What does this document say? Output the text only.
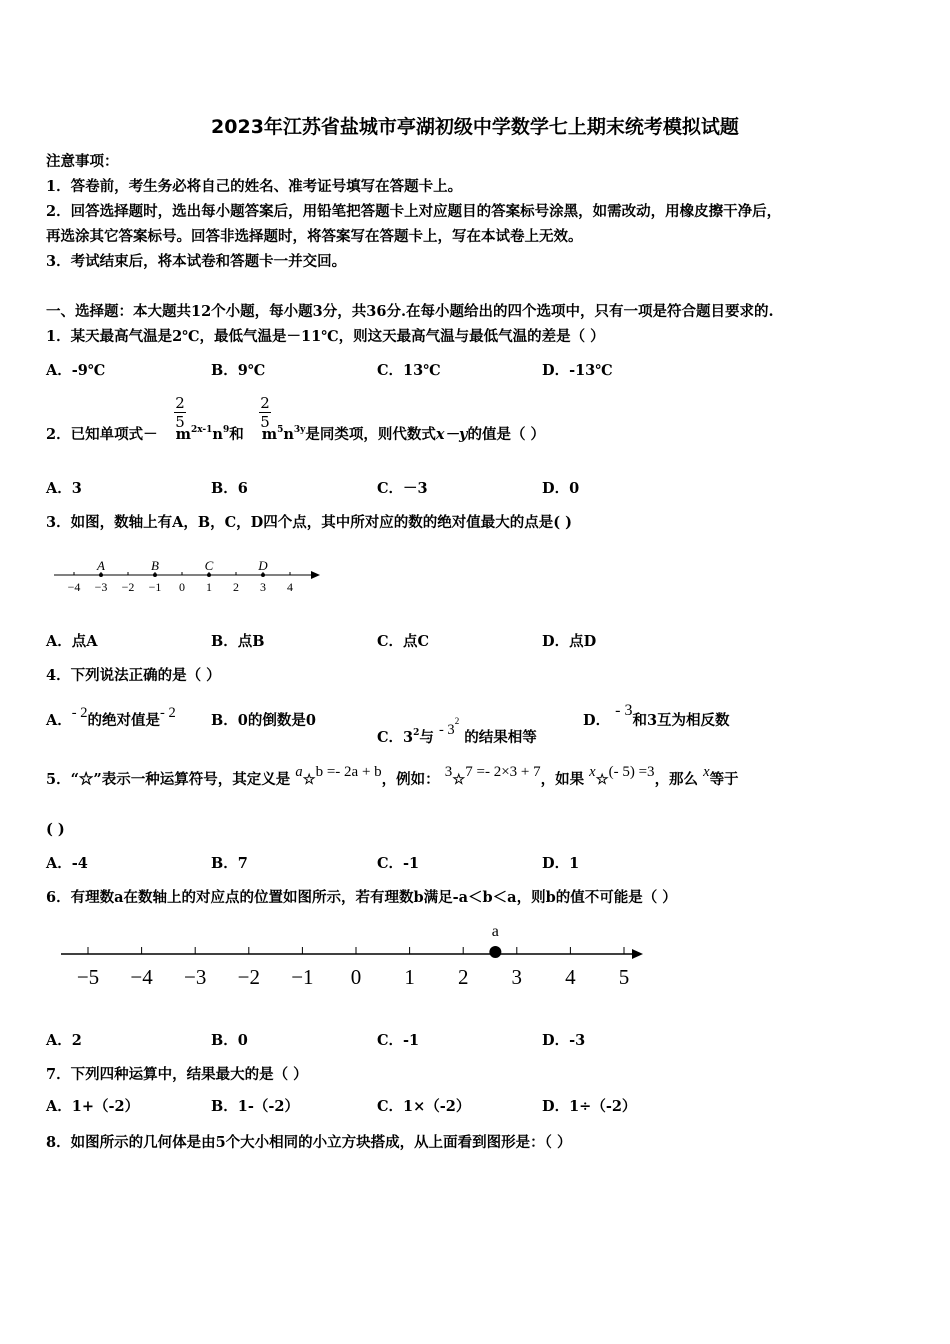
2023年江苏省盐城市亭湖初级中学数学七上期末统考模拟试题
注意事项：
1．答卷前，考生务必将自己的姓名、准考证号填写在答题卡上。
2．回答选择题时，选出每小题答案后，用铅笔把答题卡上对应题目的答案标号涂黑，如需改动，用橡皮擦干净后，
再选涂其它答案标号。回答非选择题时，将答案写在答题卡上，写在本试卷上无效。
3．考试结束后，将本试卷和答题卡一并交回。
一、选择题：本大题共12个小题，每小题3分，共36分.在每小题给出的四个选项中，只有一项是符合题目要求的.
1．某天最高气温是2℃，最低气温是－11℃，则这天最高气温与最低气温的差是（ ）
A．-9℃	B．9℃	C．13℃	D．-13℃
2．已知单项式－ $m^{2x-1}n^9$和 $m^5n^{3y}$是同类项，则代数式x－y的值是（ ）
2
5
2
5
A．3	B．6	C．－3	D．0
3．如图，数轴上有A，B，C，D四个点，其中所对应的数的绝对值最大的点是( )
−4 −3 −2 −1 0 1 2 3 4
A	B	C	D
A．点A	B．点B	C．点C	D．点D
4．下列说法正确的是（ ）
A．- 2的绝对值是- 2 B．0的倒数是0
C．$3^2$与 - $3^2$ 的结果相等
D． - 3和3互为相反数
5．“☆”表示一种运算符号，其定义是 a☆b =- 2a + b，例如： 3☆7 =- 2×3 + 7，如果 x☆(- 5) =3，那么 x等于
( )
A．-4	B．7	C．-1	D．1
6．有理数a在数轴上的对应点的位置如图所示，若有理数b满足-a＜b＜a，则b的值不可能是（ ）
−5 −4 −3 −2 −1 0 1 2 3 4 5
a
A．2	B．0	C．-1	D．-3
7．下列四种运算中，结果最大的是（ ）
A．1+（-2）	B．1-（-2）	C．1×（-2）	D．1÷（-2）
8．如图所示的几何体是由5个大小相同的小立方块搭成，从上面看到图形是：（ ）
